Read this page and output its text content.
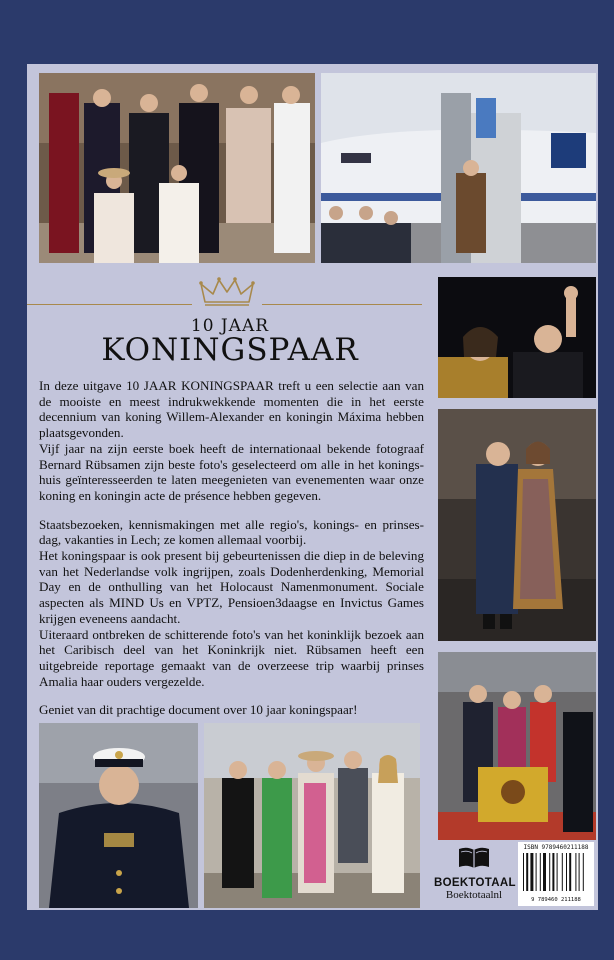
10 JAAR
KONINGSPAAR

In deze uitgave 10 JAAR KONINGSPAAR treft u een selectie aan van de mooiste en meest indrukwekkende momenten die in het eerste decennium van koning Willem-Alexander en koningin Máxima hebben plaatsgevonden.

Vijf jaar na zijn eerste boek heeft de internationaal bekende fotograaf Bernard Rübsamen zijn beste foto's geselecteerd om alle in het koningshuis geïnteresseerden te laten meegenieten van evenementen waar onze koning en koningin acte de présence hebben gegeven.

Staatsbezoeken, kennismakingen met alle regio's, konings- en prinsesdag, vakanties in Lech; ze komen allemaal voorbij.

Het koningspaar is ook present bij gebeurtenissen die diep in de beleving van het Nederlandse volk ingrijpen, zoals Dodenherdenking, Memorial Day en de onthulling van het Holocaust Namenmonument. Sociale aspecten als MIND Us en VPTZ, Pensioen3daagse en Invictus Games krijgen eveneens aandacht.

Uiteraard ontbreken de schitterende foto's van het koninklijk bezoek aan het Caribisch deel van het Koninkrijk niet. Rübsamen heeft een uitgebreide reportage gemaakt van de overzeese trip waarbij prinses Amalia haar ouders vergezelde.

Geniet van dit prachtige document over 10 jaar koningspaar!

BOEKTOTAAL
Boektotaalnl
ISBN 9789460211188
9 789460 211188
